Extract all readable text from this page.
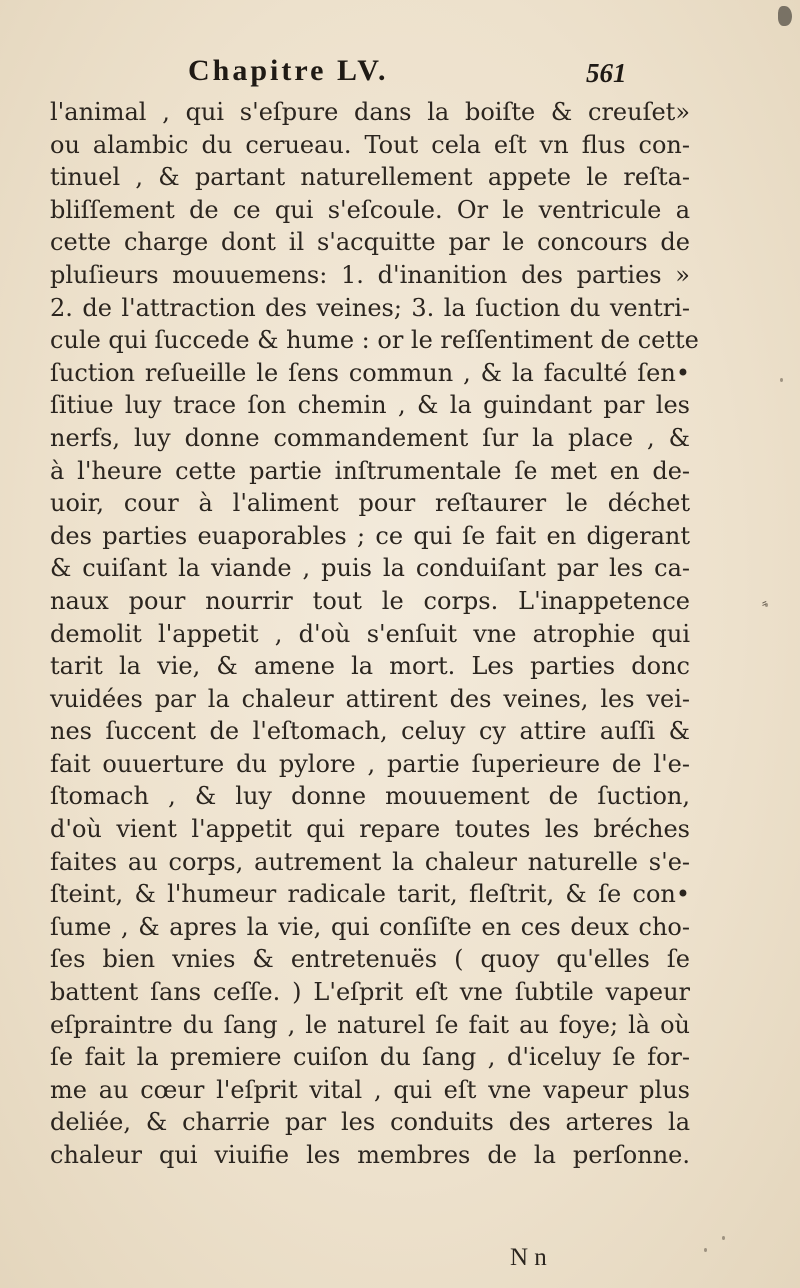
Chapitre LV.	561
l'animal , qui s'eſpure dans la boiſte & creuſet»
ou alambic du cerueau. Tout cela eſt vn flus con-
tinuel , & partant naturellement appete le reſta-
bliſſement de ce qui s'eſcoule. Or le ventricule a
cette charge dont il s'acquitte par le concours de
pluſieurs mouuemens: 1. d'inanition des parties »
2. de l'attraction des veines; 3. la ſuction du ventri-
cule qui ſuccede & hume : or le reſſentiment de cette
ſuction reſueille le ſens commun , & la faculté ſen•
ſitiue luy trace ſon chemin , & la guindant par les
nerfs, luy donne commandement ſur la place , &
à l'heure cette partie inſtrumentale ſe met en de-
uoir, cour à l'aliment pour reſtaurer le déchet
des parties euaporables ; ce qui ſe fait en digerant
& cuiſant la viande , puis la conduiſant par les ca-
naux pour nourrir tout le corps. L'inappetence
demolit l'appetit , d'où s'enſuit vne atrophie qui
tarit la vie, & amene la mort. Les parties donc
vuidées par la chaleur attirent des veines, les vei-
nes ſuccent de l'eſtomach, celuy cy attire auſſi &
fait ouuerture du pylore , partie ſuperieure de l'e-
ſtomach , & luy donne mouuement de ſuction,
d'où vient l'appetit qui repare toutes les bréches
faites au corps, autrement la chaleur naturelle s'e-
ſteint, & l'humeur radicale tarit, fleſtrit, & ſe con•
ſume , & apres la vie, qui conſiſte en ces deux cho-
ſes bien vnies & entretenuës ( quoy qu'elles ſe
battent ſans ceſſe. ) L'eſprit eſt vne ſubtile vapeur
eſpraintre du ſang , le naturel ſe fait au foye; là où
ſe fait la premiere cuiſon du ſang , d'iceluy ſe for-
me au cœur l'eſprit vital , qui eſt vne vapeur plus
deliée, & charrie par les conduits des arteres la
chaleur qui viuifie les membres de la perſonne.
N n
⸗
